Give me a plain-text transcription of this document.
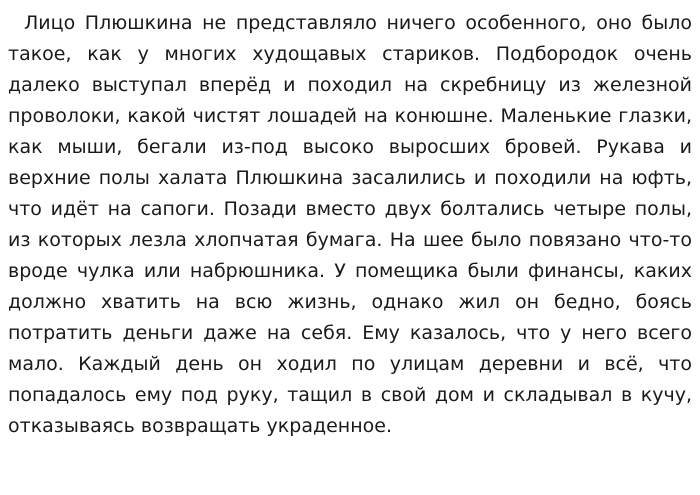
Лицо Плюшкина не представляло ничего особенного, оно было такое, как у многих худощавых стариков. Подбородок очень далеко выступал вперёд и походил на скребницу из железной проволоки, какой чистят лошадей на конюшне. Маленькие глазки, как мыши, бегали из-под высоко выросших бровей. Рукава и верхние полы халата Плюшкина засалились и походили на юфть, что идёт на сапоги. Позади вместо двух болтались четыре полы, из которых лезла хлопчатая бумага. На шее было повязано что-то вроде чулка или набрюшника. У помещика были финансы, каких должно хватить на всю жизнь, однако жил он бедно, боясь потратить деньги даже на себя. Ему казалось, что у него всего мало. Каждый день он ходил по улицам деревни и всё, что попадалось ему под руку, тащил в свой дом и складывал в кучу, отказываясь возвращать украденное.
